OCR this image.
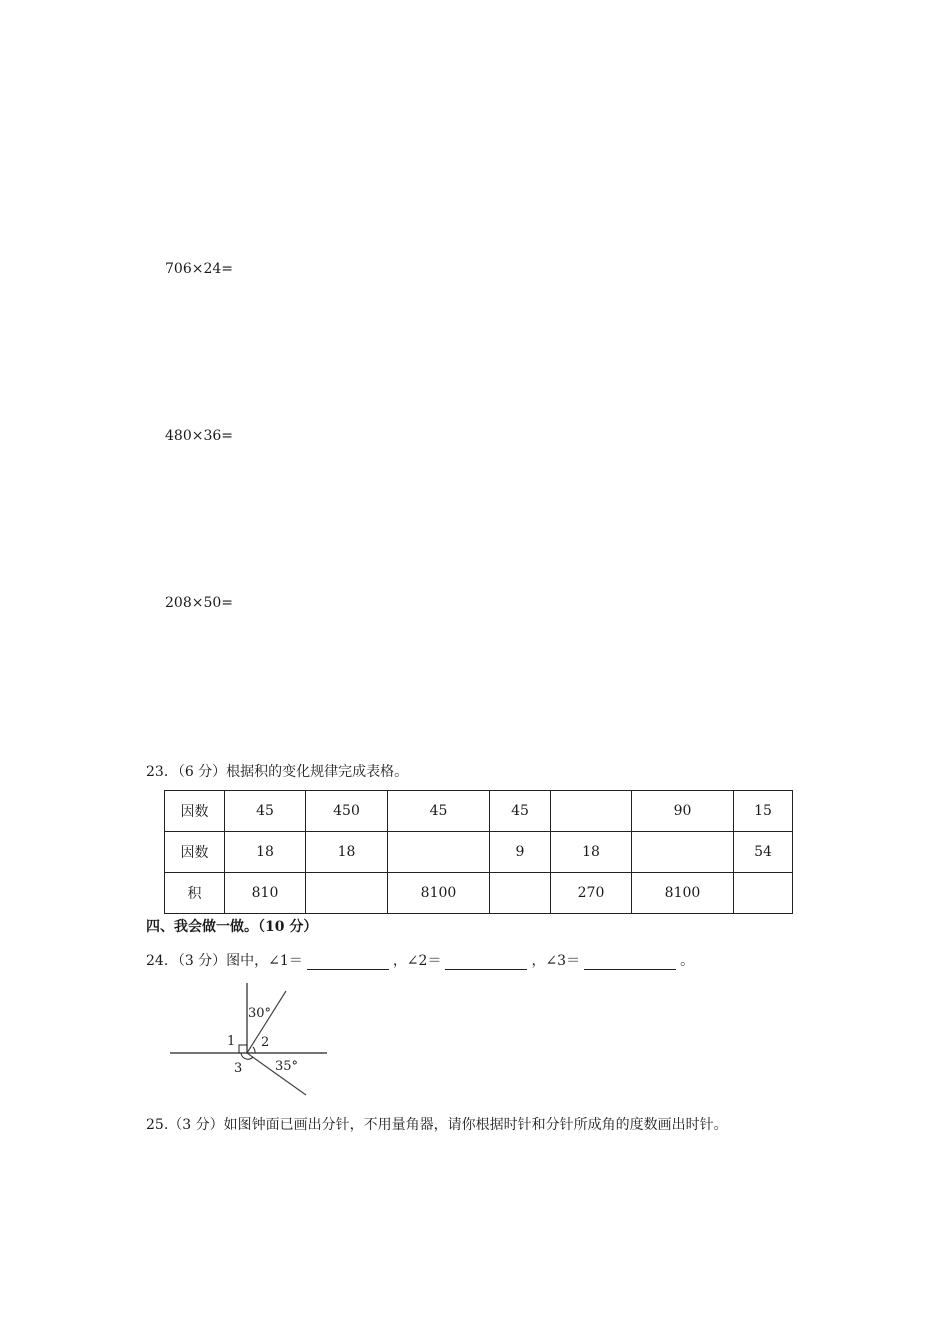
706×24=
480×36=
208×50=
23．（6 分）根据积的变化规律完成表格。
因数	45	450	45	45		90	15
因数	18	18		9	18		54
积	810		8100		270	8100	
四、我会做一做。（10 分）
24．（3 分）图中，∠1＝	，∠2＝	，∠3＝	。
30°
1 2
3	35°
25.（3 分）如图钟面已画出分针，不用量角器，请你根据时针和分针所成角的度数画出时针。
